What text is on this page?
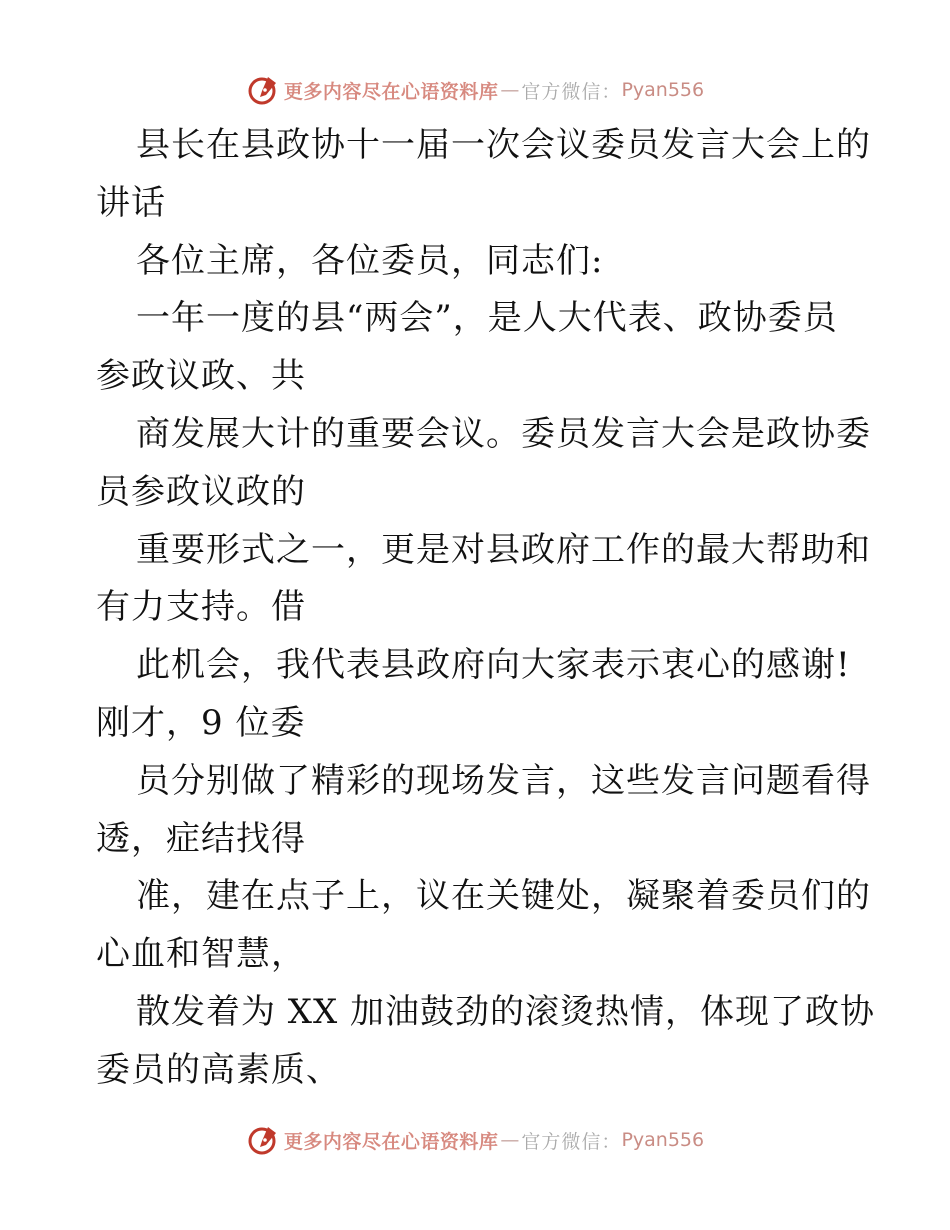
更多内容尽在心语资料库 — 官方微信： Pyan556
县长在县政协十一届一次会议委员发言大会上的
讲话
各位主席，各位委员，同志们:
一年一度的县“两会”，是人大代表、政协委员
参政议政、共
商发展大计的重要会议。委员发言大会是政协委
员参政议政的
重要形式之一，更是对县政府工作的最大帮助和
有力支持。借
此机会，我代表县政府向大家表示衷心的感谢!
刚才，9 位委
员分别做了精彩的现场发言，这些发言问题看得
透，症结找得
准，建在点子上，议在关键处，凝聚着委员们的
心血和智慧，
散发着为 XX 加油鼓劲的滚烫热情，体现了政协
委员的高素质、
更多内容尽在心语资料库 — 官方微信： Pyan556
